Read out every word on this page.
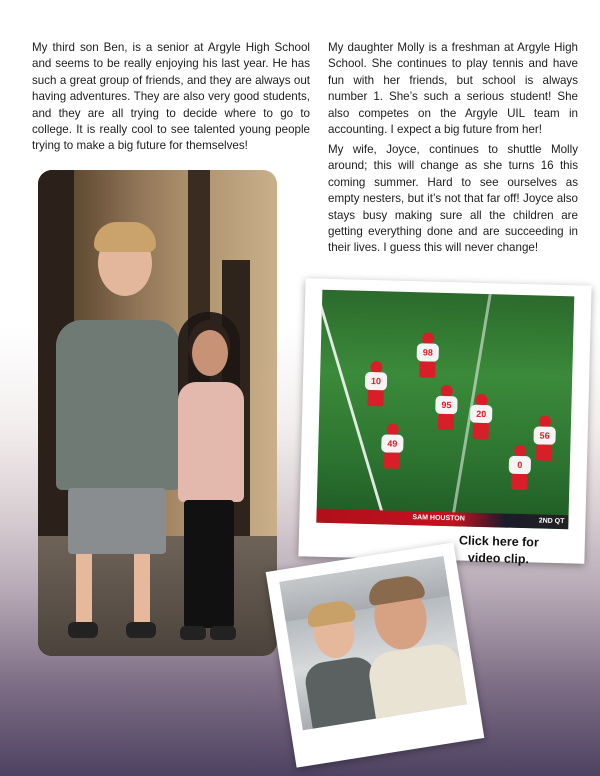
My third son Ben, is a senior at Argyle High School and seems to be really enjoying his last year. He has such a great group of friends, and they are always out having adventures. They are also very good students, and they are all trying to decide where to go to college. It is really cool to see talented young people trying to make a big future for themselves!

My daughter Molly is a freshman at Argyle High School. She continues to play tennis and have fun with her friends, but school is always number 1. She’s such a serious student! She also competes on the Argyle UIL team in accounting. I expect a big future from her!

My wife, Joyce, continues to shuttle Molly around; this will change as she turns 16 this coming summer. Hard to see ourselves as empty nesters, but it’s not that far off! Joyce also stays busy making sure all the children are getting everything done and are succeeding in their lives. I guess this will never change!

10
98
95
20
49
0
56
SAM HOUSTON	2ND QT
Click here for
video clip.
